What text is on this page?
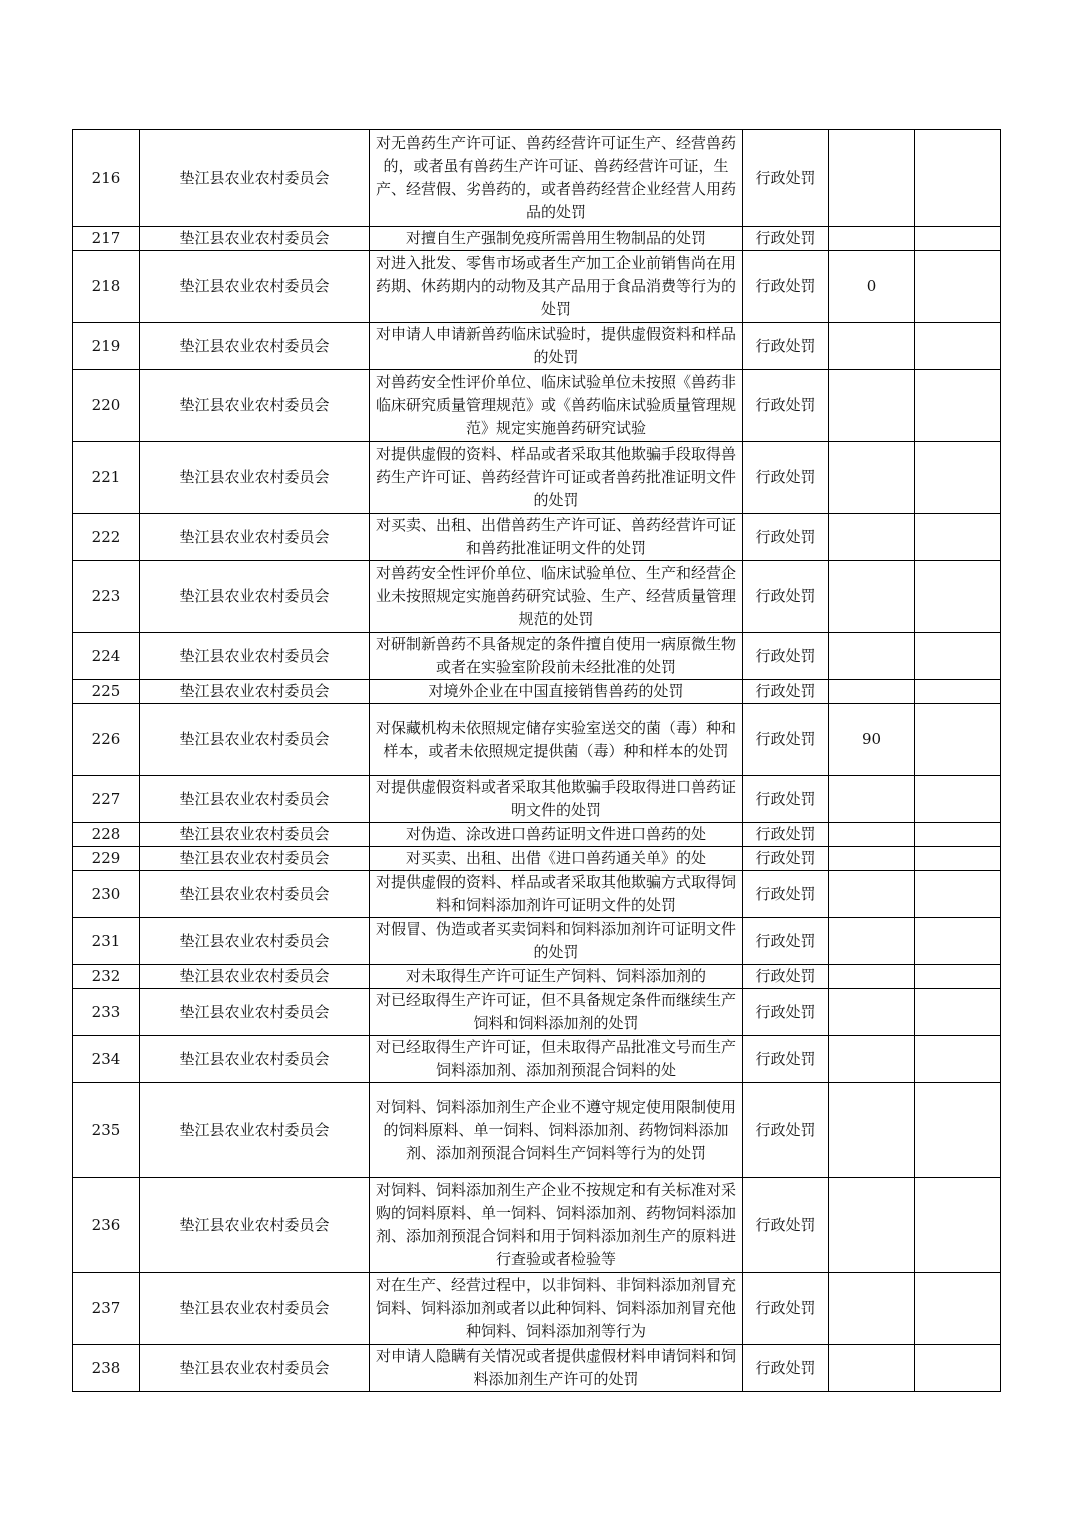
216	垫江县农业农村委员会	对无兽药生产许可证、兽药经营许可证生产、经营兽药的，或者虽有兽药生产许可证、兽药经营许可证，生产、经营假、劣兽药的，或者兽药经营企业经营人用药品的处罚	行政处罚		
217	垫江县农业农村委员会	对擅自生产强制免疫所需兽用生物制品的处罚	行政处罚		
218	垫江县农业农村委员会	对进入批发、零售市场或者生产加工企业前销售尚在用药期、休药期内的动物及其产品用于食品消费等行为的处罚	行政处罚	0	
219	垫江县农业农村委员会	对申请人申请新兽药临床试验时，提供虚假资料和样品的处罚	行政处罚		
220	垫江县农业农村委员会	对兽药安全性评价单位、临床试验单位未按照《兽药非临床研究质量管理规范》或《兽药临床试验质量管理规范》规定实施兽药研究试验	行政处罚		
221	垫江县农业农村委员会	对提供虚假的资料、样品或者采取其他欺骗手段取得兽药生产许可证、兽药经营许可证或者兽药批准证明文件的处罚	行政处罚		
222	垫江县农业农村委员会	对买卖、出租、出借兽药生产许可证、兽药经营许可证和兽药批准证明文件的处罚	行政处罚		
223	垫江县农业农村委员会	对兽药安全性评价单位、临床试验单位、生产和经营企业未按照规定实施兽药研究试验、生产、经营质量管理规范的处罚	行政处罚		
224	垫江县农业农村委员会	对研制新兽药不具备规定的条件擅自使用一病原微生物或者在实验室阶段前未经批准的处罚	行政处罚		
225	垫江县农业农村委员会	对境外企业在中国直接销售兽药的处罚	行政处罚		
226	垫江县农业农村委员会	对保藏机构未依照规定储存实验室送交的菌（毒）种和样本，或者未依照规定提供菌（毒）种和样本的处罚	行政处罚	90	
227	垫江县农业农村委员会	对提供虚假资料或者采取其他欺骗手段取得进口兽药证明文件的处罚	行政处罚		
228	垫江县农业农村委员会	对伪造、涂改进口兽药证明文件进口兽药的处	行政处罚		
229	垫江县农业农村委员会	对买卖、出租、出借《进口兽药通关单》的处	行政处罚		
230	垫江县农业农村委员会	对提供虚假的资料、样品或者采取其他欺骗方式取得饲料和饲料添加剂许可证明文件的处罚	行政处罚		
231	垫江县农业农村委员会	对假冒、伪造或者买卖饲料和饲料添加剂许可证明文件的处罚	行政处罚		
232	垫江县农业农村委员会	对未取得生产许可证生产饲料、饲料添加剂的	行政处罚		
233	垫江县农业农村委员会	对已经取得生产许可证，但不具备规定条件而继续生产饲料和饲料添加剂的处罚	行政处罚		
234	垫江县农业农村委员会	对已经取得生产许可证，但未取得产品批准文号而生产饲料添加剂、添加剂预混合饲料的处	行政处罚		
235	垫江县农业农村委员会	对饲料、饲料添加剂生产企业不遵守规定使用限制使用的饲料原料、单一饲料、饲料添加剂、药物饲料添加剂、添加剂预混合饲料生产饲料等行为的处罚	行政处罚		
236	垫江县农业农村委员会	对饲料、饲料添加剂生产企业不按规定和有关标准对采购的饲料原料、单一饲料、饲料添加剂、药物饲料添加剂、添加剂预混合饲料和用于饲料添加剂生产的原料进行查验或者检验等	行政处罚		
237	垫江县农业农村委员会	对在生产、经营过程中，以非饲料、非饲料添加剂冒充饲料、饲料添加剂或者以此种饲料、饲料添加剂冒充他种饲料、饲料添加剂等行为	行政处罚		
238	垫江县农业农村委员会	对申请人隐瞒有关情况或者提供虚假材料申请饲料和饲料添加剂生产许可的处罚	行政处罚		
